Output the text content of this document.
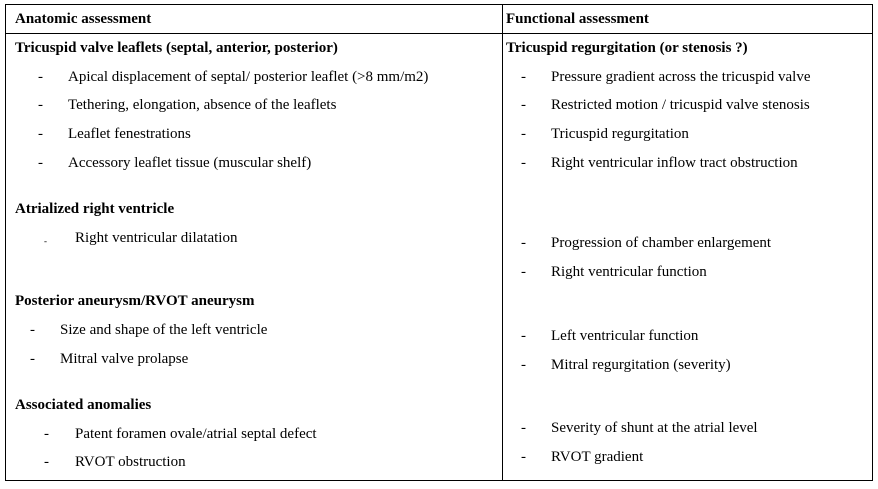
Anatomic assessment	Functional assessment
Tricuspid valve leaflets (septal, anterior, posterior)
- Apical displacement of septal/ posterior leaflet (>8 mm/m2)
- Tethering, elongation, absence of the leaflets
- Leaflet fenestrations
- Accessory leaflet tissue (muscular shelf)
Atrialized right ventricle
- Right ventricular dilatation
Posterior aneurysm/RVOT aneurysm
- Size and shape of the left ventricle
- Mitral valve prolapse
Associated anomalies
- Patent foramen ovale/atrial septal defect
- RVOT obstruction
Tricuspid regurgitation (or stenosis ?)
- Pressure gradient across the tricuspid valve
- Restricted motion / tricuspid valve stenosis
- Tricuspid regurgitation
- Right ventricular inflow tract obstruction
- Progression of chamber enlargement
- Right ventricular function
- Left ventricular function
- Mitral regurgitation (severity)
- Severity of shunt at the atrial level
- RVOT gradient
